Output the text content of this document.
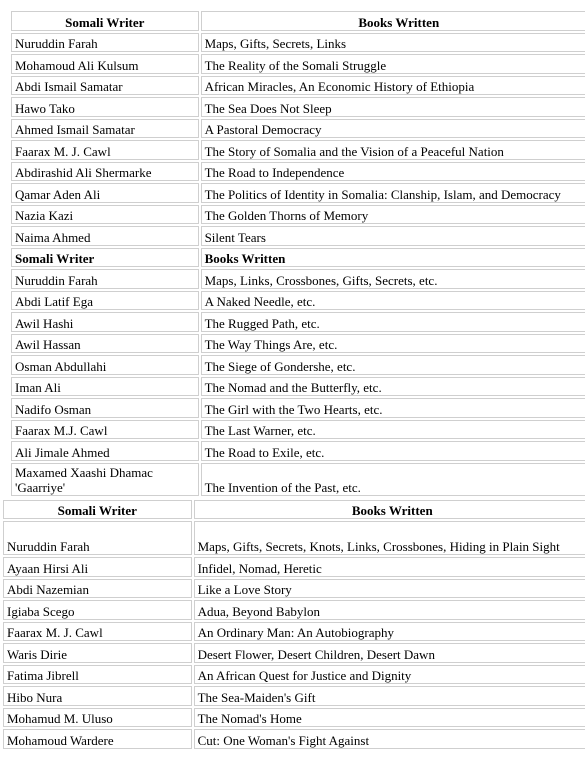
Somali Writer	Books Written
Nuruddin Farah	Maps, Gifts, Secrets, Links
Mohamoud Ali Kulsum	The Reality of the Somali Struggle
Abdi Ismail Samatar	African Miracles, An Economic History of Ethiopia
Hawo Tako	The Sea Does Not Sleep
Ahmed Ismail Samatar	A Pastoral Democracy
Faarax M. J. Cawl	The Story of Somalia and the Vision of a Peaceful Nation
Abdirashid Ali Shermarke	The Road to Independence
Qamar Aden Ali	The Politics of Identity in Somalia: Clanship, Islam, and Democracy
Nazia Kazi	The Golden Thorns of Memory
Naima Ahmed	Silent Tears
Somali Writer	Books Written
Nuruddin Farah	Maps, Links, Crossbones, Gifts, Secrets, etc.
Abdi Latif Ega	A Naked Needle, etc.
Awil Hashi	The Rugged Path, etc.
Awil Hassan	The Way Things Are, etc.
Osman Abdullahi	The Siege of Gondershe, etc.
Iman Ali	The Nomad and the Butterfly, etc.
Nadifo Osman	The Girl with the Two Hearts, etc.
Faarax M.J. Cawl	The Last Warner, etc.
Ali Jimale Ahmed	The Road to Exile, etc.
Maxamed Xaashi Dhamac 'Gaarriye'	The Invention of the Past, etc.
Somali Writer	Books Written
Nuruddin Farah	Maps, Gifts, Secrets, Knots, Links, Crossbones, Hiding in Plain Sight
Ayaan Hirsi Ali	Infidel, Nomad, Heretic
Abdi Nazemian	Like a Love Story
Igiaba Scego	Adua, Beyond Babylon
Faarax M. J. Cawl	An Ordinary Man: An Autobiography
Waris Dirie	Desert Flower, Desert Children, Desert Dawn
Fatima Jibrell	An African Quest for Justice and Dignity
Hibo Nura	The Sea-Maiden's Gift
Mohamud M. Uluso	The Nomad's Home
Mohamoud Wardere	Cut: One Woman's Fight Against
